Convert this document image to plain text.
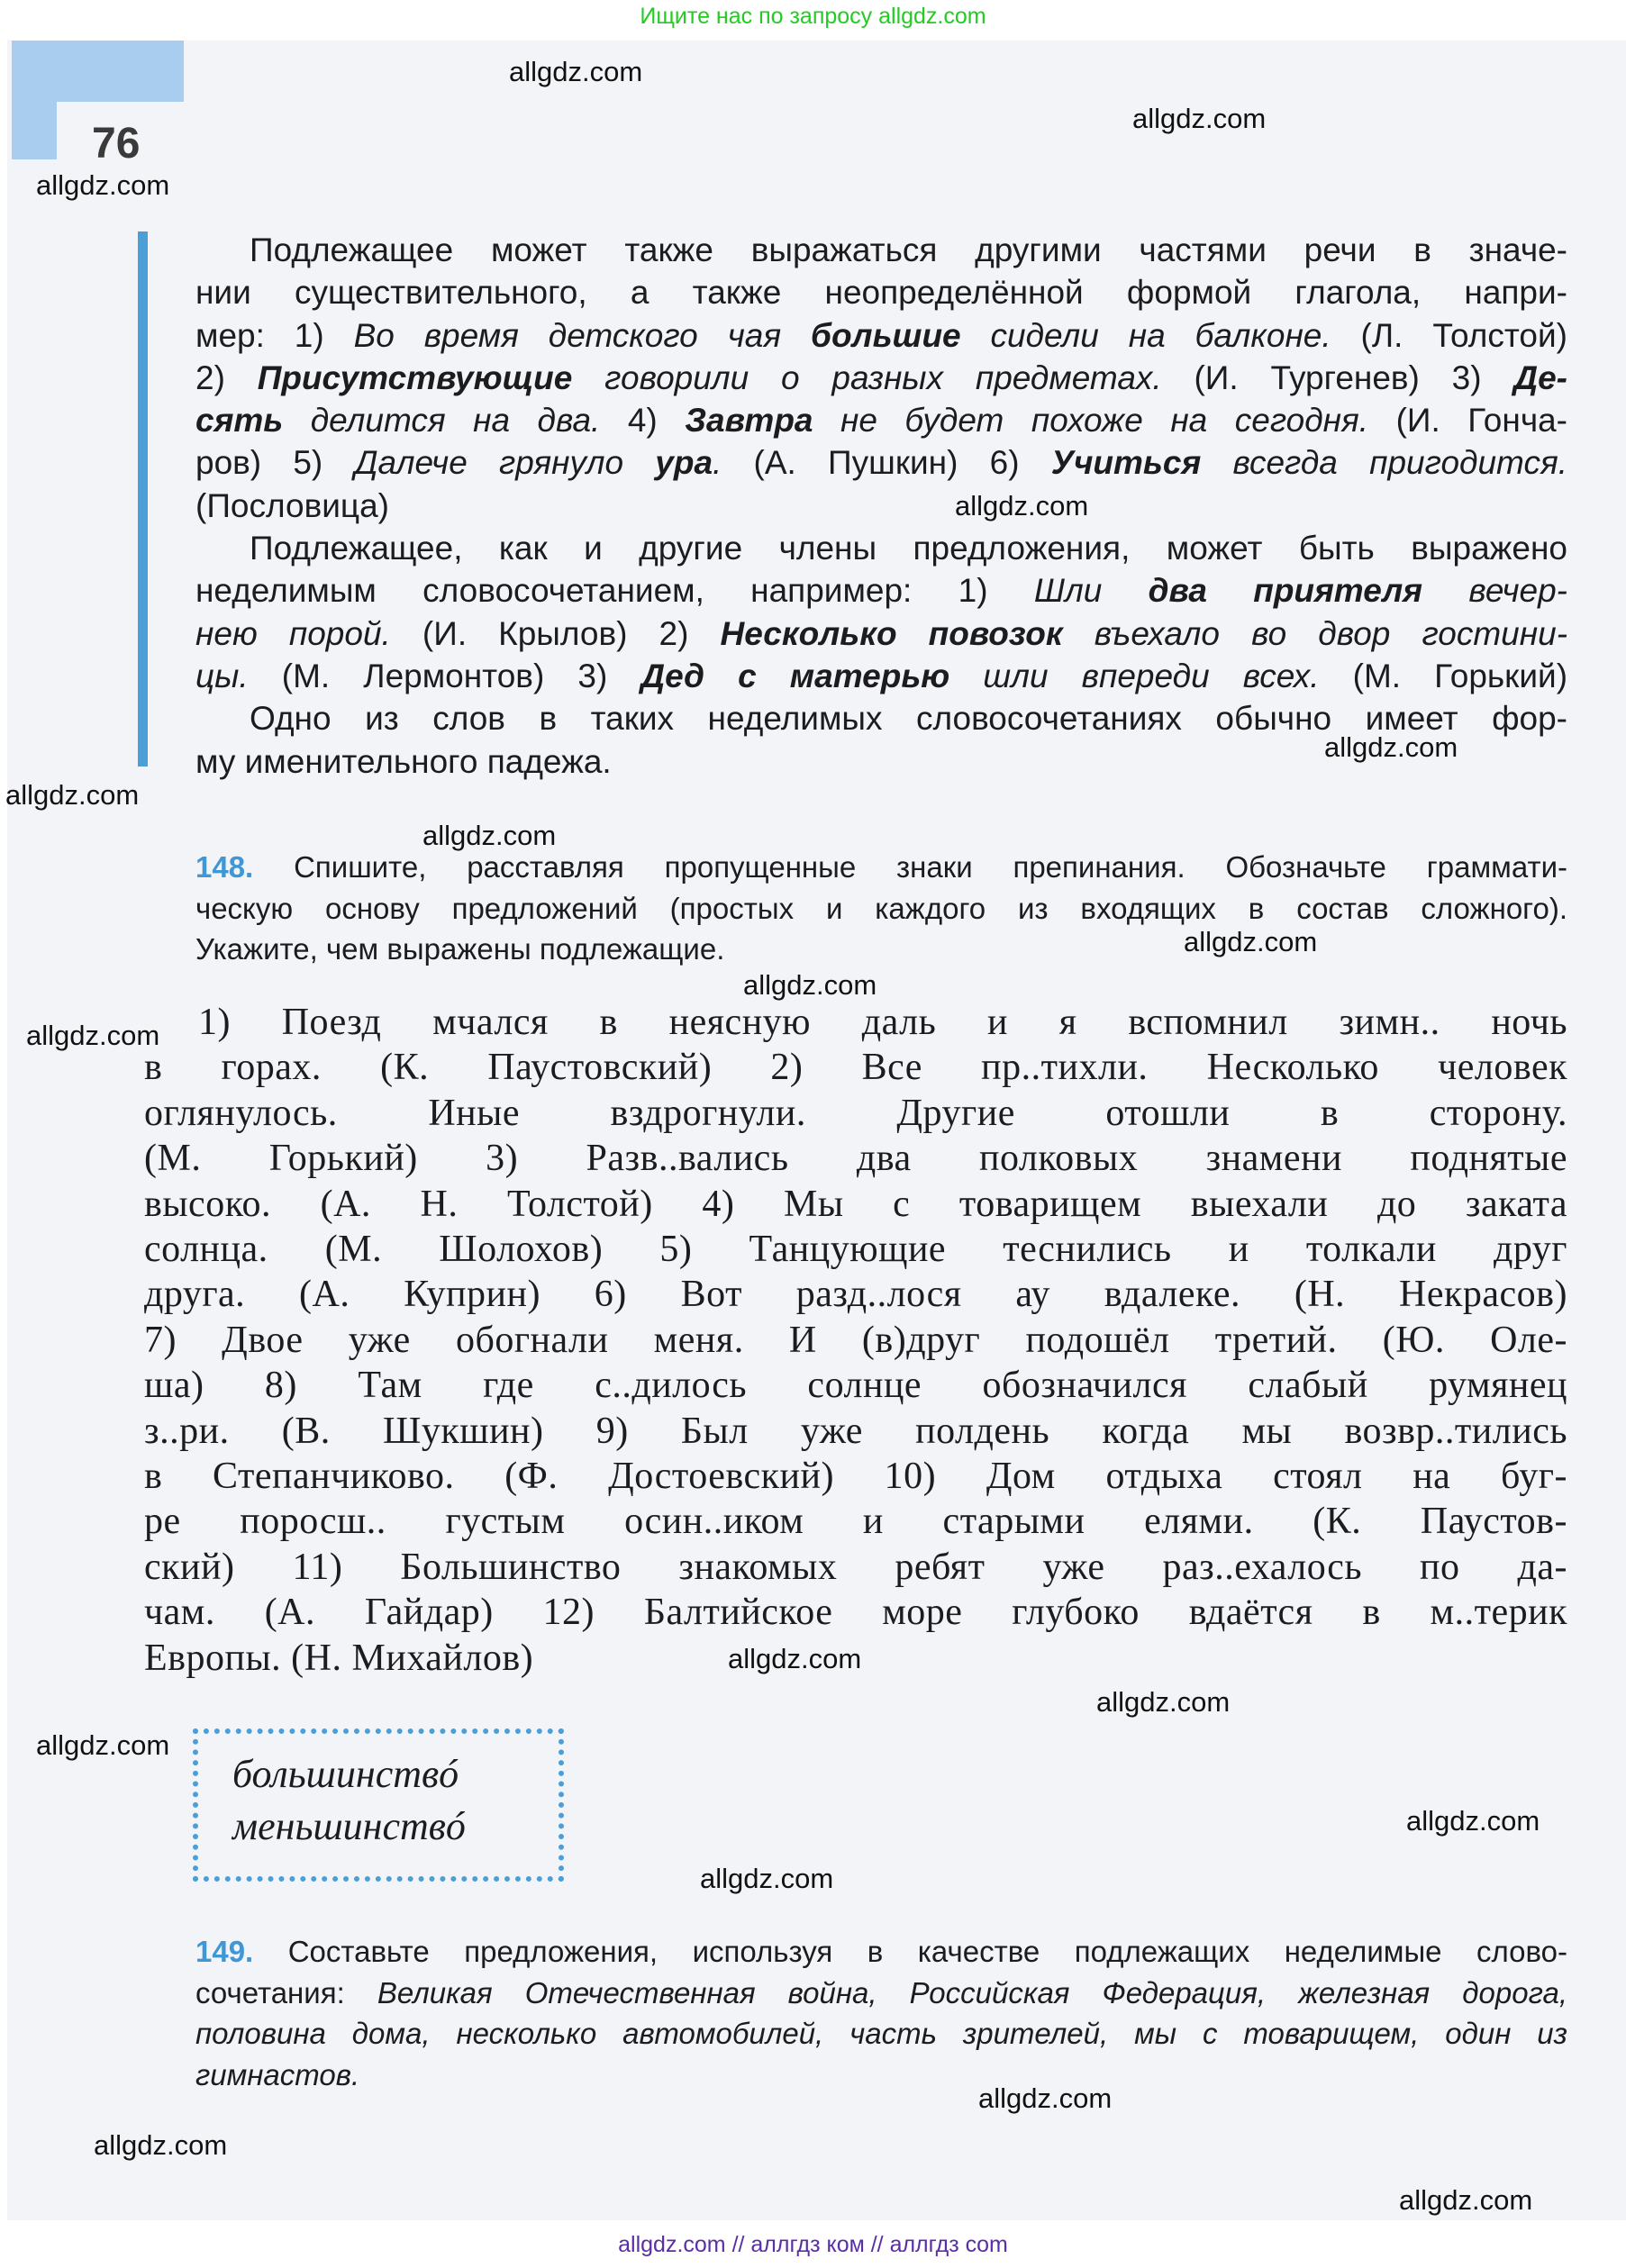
Ищите нас по запросу allgdz.com
76
Подлежащее может также выражаться другими частями речи в значе-
нии существительного, а также неопределённой формой глагола, напри-
мер: 1) Во время детского чая большие сидели на балконе. (Л. Толстой)
2) Присутствующие говорили о разных предметах. (И. Тургенев) 3) Де-
сять делится на два. 4) Завтра не будет похоже на сегодня. (И. Гонча-
ров) 5) Далече грянуло ура. (А. Пушкин) 6) Учиться всегда пригодится.
(Пословица)
Подлежащее, как и другие члены предложения, может быть выражено
неделимым словосочетанием, например: 1) Шли два приятеля вечер-
нею порой. (И. Крылов) 2) Несколько повозок въехало во двор гостини-
цы. (М. Лермонтов) 3) Дед с матерью шли впереди всех. (М. Горький)
Одно из слов в таких неделимых словосочетаниях обычно имеет фор-
му именительного падежа.
148. Спишите, расставляя пропущенные знаки препинания. Обозначьте граммати-
ческую основу предложений (простых и каждого из входящих в состав сложного).
Укажите, чем выражены подлежащие.
1) Поезд мчался в неясную даль и я вспомнил зимн.. ночь
в горах. (К. Паустовский) 2) Все пр..тихли. Несколько человек
оглянулось. Иные вздрогнули. Другие отошли в сторону.
(М. Горький) 3) Разв..вались два полковых знамени поднятые
высоко. (А. Н. Толстой) 4) Мы с товарищем выехали до заката
солнца. (М. Шолохов) 5) Танцующие теснились и толкали друг
друга. (А. Куприн) 6) Вот разд..лося ау вдалеке. (Н. Некрасов)
7) Двое уже обогнали меня. И (в)друг подошёл третий. (Ю. Оле-
ша) 8) Там где с..дилось солнце обозначился слабый румянец
з..ри. (В. Шукшин) 9) Был уже полдень когда мы возвр..тились
в Степанчиково. (Ф. Достоевский) 10) Дом отдыха стоял на буг-
ре поросш.. густым осин..иком и старыми елями. (К. Паустов-
ский) 11) Большинство знакомых ребят уже раз..ехалось по да-
чам. (А. Гайдар) 12) Балтийское море глубоко вдаётся в м..терик
Европы. (Н. Михайлов)
большинствó
меньшинствó
149. Составьте предложения, используя в качестве подлежащих неделимые слово-
сочетания: Великая Отечественная война, Российская Федерация, железная дорога,
половина дома, несколько автомобилей, часть зрителей, мы с товарищем, один из
гимнастов.
allgdz.com // аллгдз ком // аллгдз com
allgdz.com
allgdz.com
allgdz.com
allgdz.com
allgdz.com
allgdz.com
allgdz.com
allgdz.com
allgdz.com
allgdz.com
allgdz.com
allgdz.com
allgdz.com
allgdz.com
allgdz.com
allgdz.com
allgdz.com
allgdz.com
